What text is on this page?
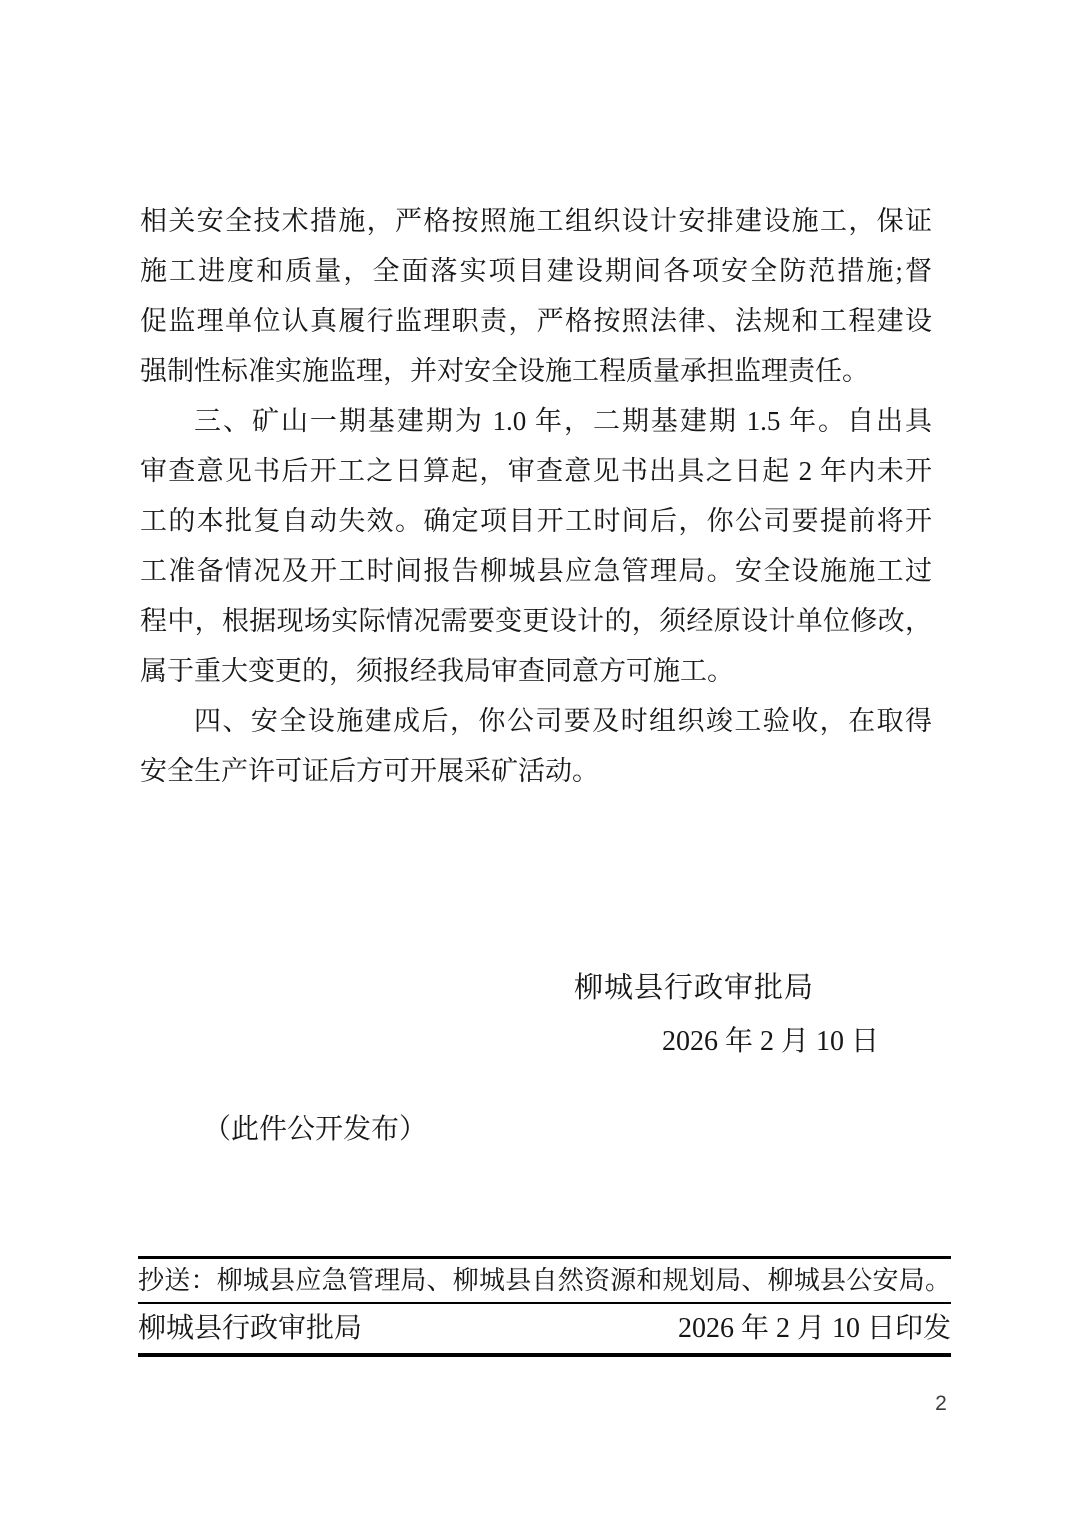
相关安全技术措施，严格按照施工组织设计安排建设施工，保证

施工进度和质量，全面落实项目建设期间各项安全防范措施;督

促监理单位认真履行监理职责，严格按照法律、法规和工程建设

强制性标准实施监理，并对安全设施工程质量承担监理责任。

三、矿山一期基建期为 1.0 年，二期基建期 1.5 年。自出具

审查意见书后开工之日算起，审查意见书出具之日起 2 年内未开

工的本批复自动失效。确定项目开工时间后，你公司要提前将开

工准备情况及开工时间报告柳城县应急管理局。安全设施施工过

程中，根据现场实际情况需要变更设计的，须经原设计单位修改，

属于重大变更的，须报经我局审查同意方可施工。

四、安全设施建成后，你公司要及时组织竣工验收，在取得

安全生产许可证后方可开展采矿活动。

柳城县行政审批局
2026 年 2 月 10 日
（此件公开发布）

抄送：柳城县应急管理局、柳城县自然资源和规划局、柳城县公安局。

柳城县行政审批局	2026 年 2 月 10 日印发
2
